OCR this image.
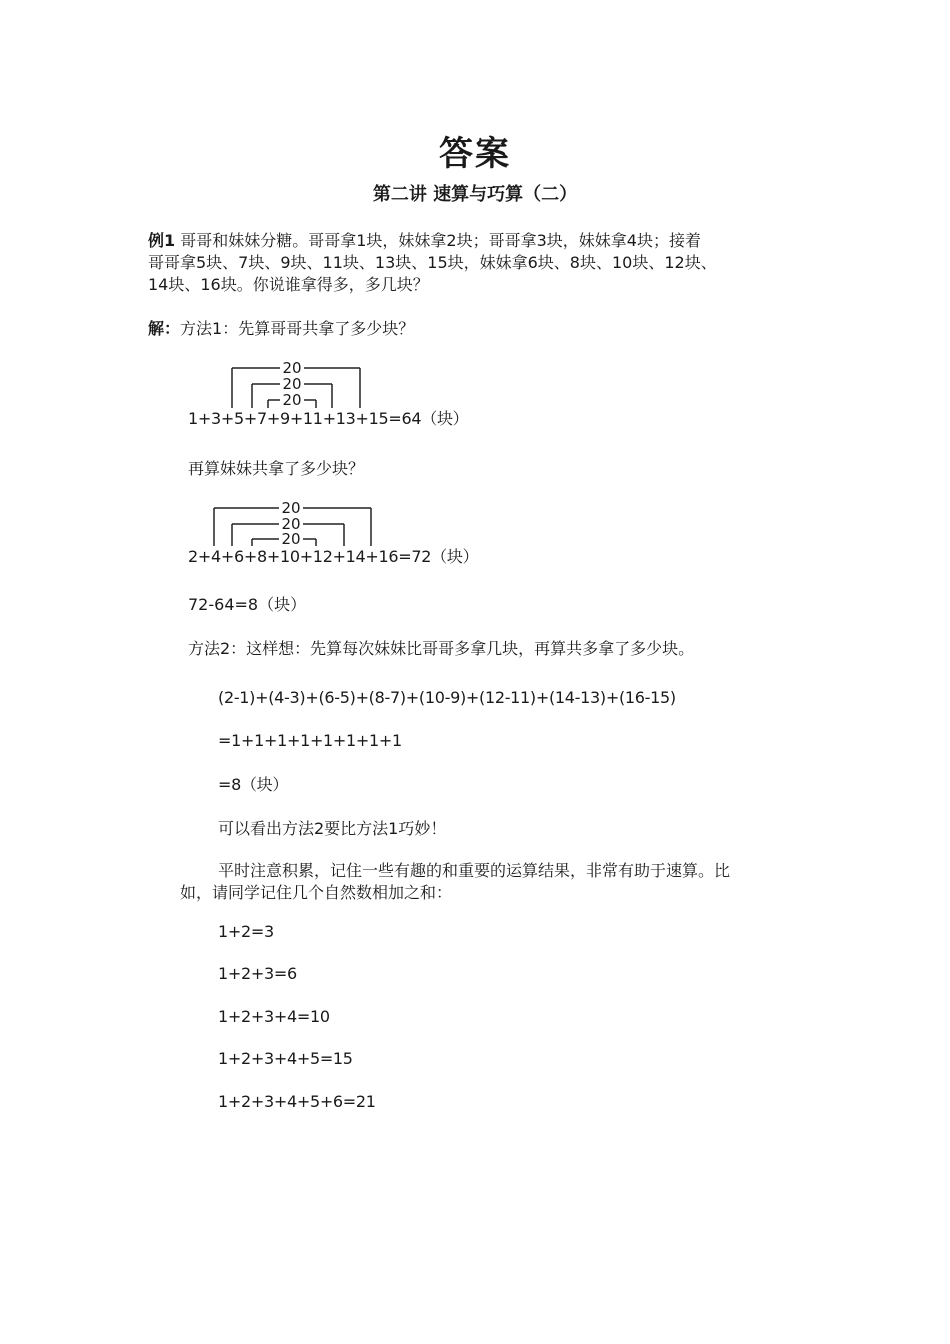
答案
第二讲 速算与巧算（二）
例1 哥哥和妹妹分糖。哥哥拿1块，妹妹拿2块；哥哥拿3块，妹妹拿4块；接着
哥哥拿5块、7块、9块、11块、13块、15块，妹妹拿6块、8块、10块、12块、
14块、16块。你说谁拿得多，多几块？
解：方法1：先算哥哥共拿了多少块？
20
20
20
1+3+5+7+9+11+13+15=64（块）
再算妹妹共拿了多少块？
20
20
20
2+4+6+8+10+12+14+16=72（块）
72-64=8（块）
方法2：这样想：先算每次妹妹比哥哥多拿几块，再算共多拿了多少块。
(2-1)+(4-3)+(6-5)+(8-7)+(10-9)+(12-11)+(14-13)+(16-15)
=1+1+1+1+1+1+1+1
=8（块）
可以看出方法2要比方法1巧妙！
平时注意积累，记住一些有趣的和重要的运算结果，非常有助于速算。比
如，请同学记住几个自然数相加之和：
1+2=3
1+2+3=6
1+2+3+4=10
1+2+3+4+5=15
1+2+3+4+5+6=21
